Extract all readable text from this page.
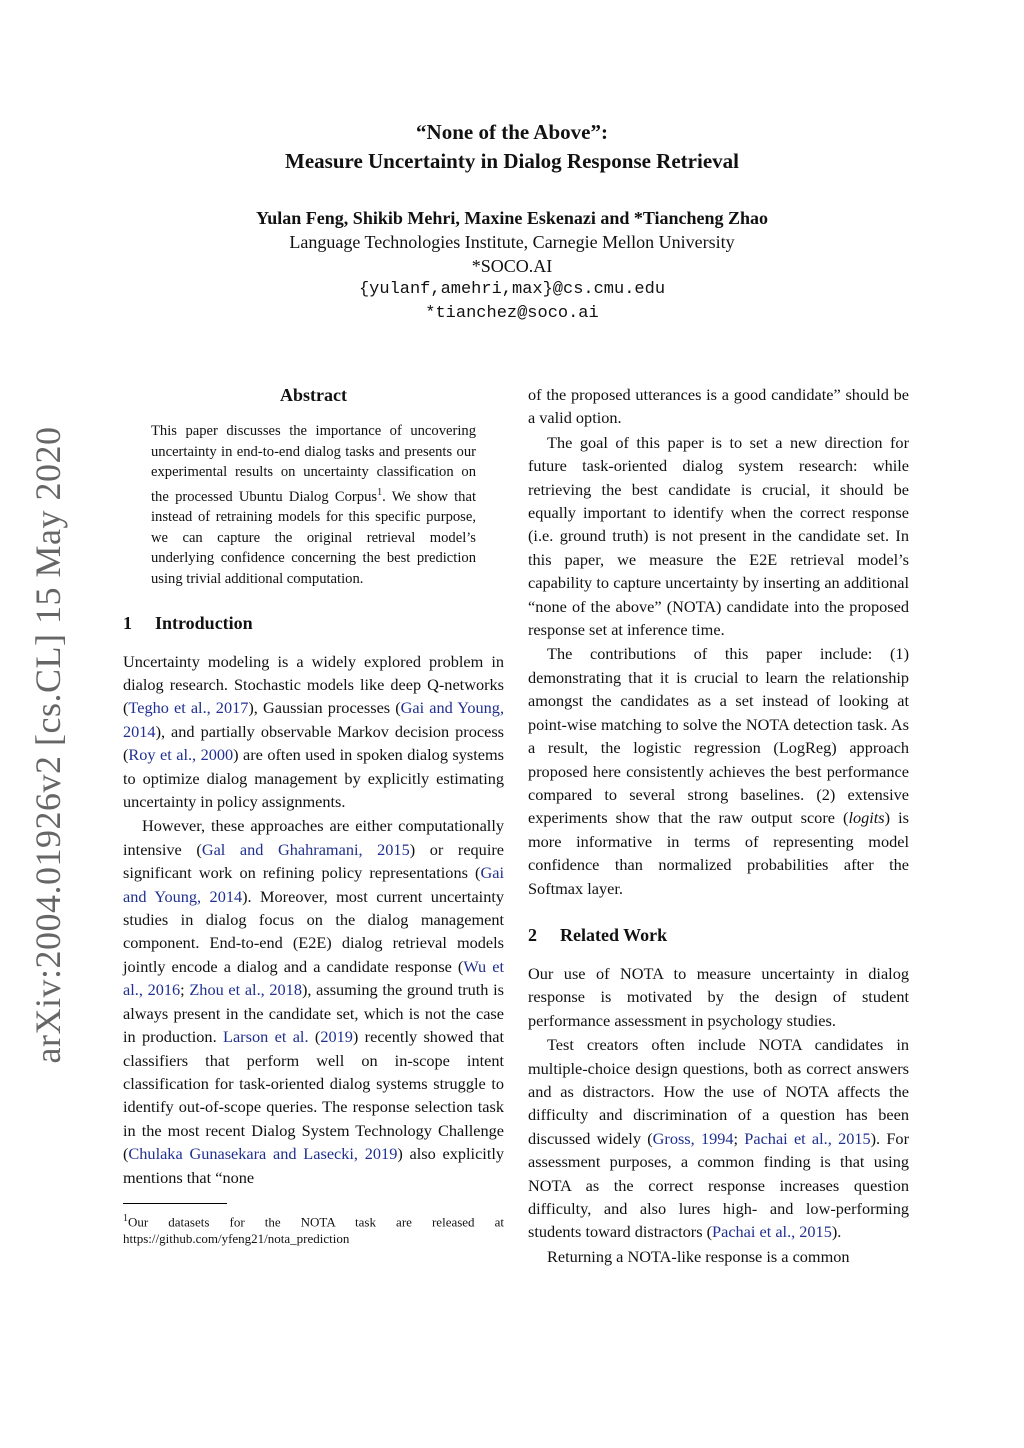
“None of the Above”:
Measure Uncertainty in Dialog Response Retrieval
Yulan Feng, Shikib Mehri, Maxine Eskenazi and *Tiancheng Zhao
Language Technologies Institute, Carnegie Mellon University
*SOCO.AI
{yulanf,amehri,max}@cs.cmu.edu
*tianchez@soco.ai
arXiv:2004.01926v2 [cs.CL] 15 May 2020
Abstract
This paper discusses the importance of uncovering uncertainty in end-to-end dialog tasks and presents our experimental results on uncertainty classification on the processed Ubuntu Dialog Corpus$^1$. We show that instead of retraining models for this specific purpose, we can capture the original retrieval model’s underlying confidence concerning the best prediction using trivial additional computation.
1 Introduction

Uncertainty modeling is a widely explored problem in dialog research. Stochastic models like deep Q-networks (Tegho et al., 2017), Gaussian processes (Gai and Young, 2014), and partially observable Markov decision process (Roy et al., 2000) are often used in spoken dialog systems to optimize dialog management by explicitly estimating uncertainty in policy assignments.

However, these approaches are either computationally intensive (Gal and Ghahramani, 2015) or require significant work on refining policy representations (Gai and Young, 2014). Moreover, most current uncertainty studies in dialog focus on the dialog management component. End-to-end (E2E) dialog retrieval models jointly encode a dialog and a candidate response (Wu et al., 2016; Zhou et al., 2018), assuming the ground truth is always present in the candidate set, which is not the case in production. Larson et al. (2019) recently showed that classifiers that perform well on in-scope intent classification for task-oriented dialog systems struggle to identify out-of-scope queries. The response selection task in the most recent Dialog System Technology Challenge (Chulaka Gunasekara and Lasecki, 2019) also explicitly mentions that “none

$^1$Our datasets for the NOTA task are released at https://github.com/yfeng21/nota_prediction

of the proposed utterances is a good candidate” should be a valid option.

The goal of this paper is to set a new direction for future task-oriented dialog system research: while retrieving the best candidate is crucial, it should be equally important to identify when the correct response (i.e. ground truth) is not present in the candidate set. In this paper, we measure the E2E retrieval model’s capability to capture uncertainty by inserting an additional “none of the above” (NOTA) candidate into the proposed response set at inference time.

The contributions of this paper include: (1) demonstrating that it is crucial to learn the relationship amongst the candidates as a set instead of looking at point-wise matching to solve the NOTA detection task. As a result, the logistic regression (LogReg) approach proposed here consistently achieves the best performance compared to several strong baselines. (2) extensive experiments show that the raw output score (logits) is more informative in terms of representing model confidence than normalized probabilities after the Softmax layer.

2 Related Work

Our use of NOTA to measure uncertainty in dialog response is motivated by the design of student performance assessment in psychology studies.

Test creators often include NOTA candidates in multiple-choice design questions, both as correct answers and as distractors. How the use of NOTA affects the difficulty and discrimination of a question has been discussed widely (Gross, 1994; Pachai et al., 2015). For assessment purposes, a common finding is that using NOTA as the correct response increases question difficulty, and also lures high- and low-performing students toward distractors (Pachai et al., 2015).

Returning a NOTA-like response is a common
